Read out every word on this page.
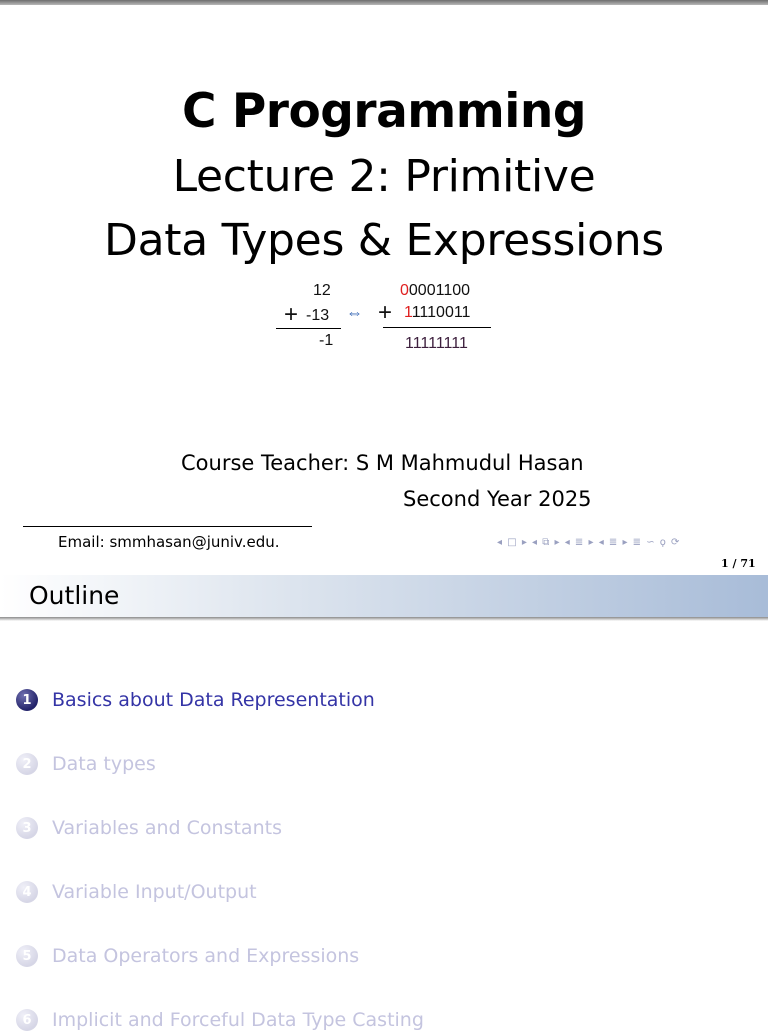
C Programming
Lecture 2: Primitive
Data Types & Expressions
12
+ -13
-1
⇔
00001100
+ 11110011
11111111
Course Teacher: S M Mahmudul Hasan
Second Year 2025
Email: smmhasan@juniv.edu.	◂ □ ▸ ◂ ⧉ ▸ ◂ ≣ ▸ ◂ ≣ ▸ ≣ ∽ ϙ ⟳
1 / 71
Outline
1	Basics about Data Representation
2	Data types
3	Variables and Constants
4	Variable Input/Output
5	Data Operators and Expressions
6	Implicit and Forceful Data Type Casting
